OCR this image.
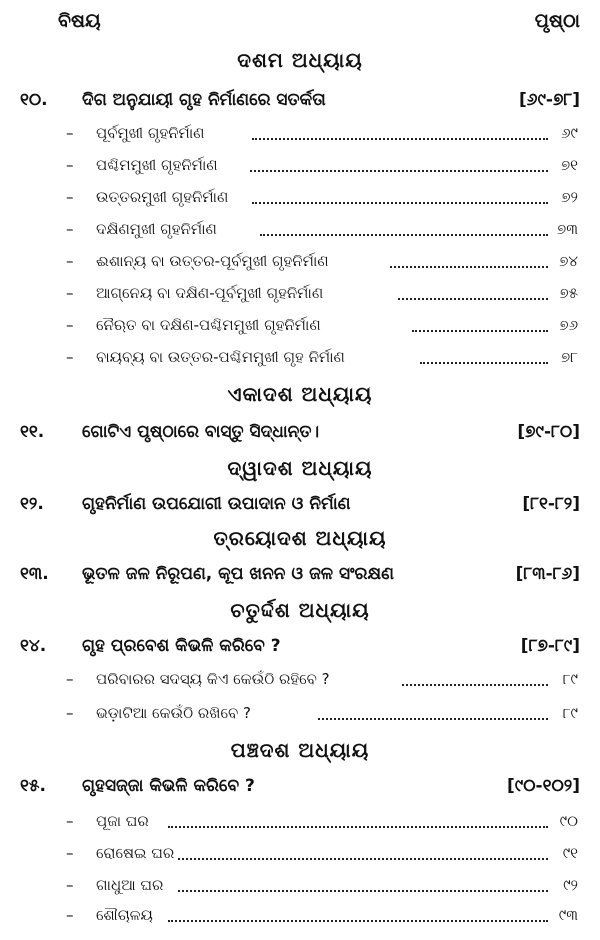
ବିଷୟ	ପୃଷ୍ଠା
ଦଶମ ଅଧ୍ୟାୟ
୧୦. ଦିଗ ଅନୁଯାୟୀ ଗୃହ ନିର୍ମାଣରେ ସତର୍କତା	[୬୯-୭୮]
– ପୂର୍ବମୁଖୀ ଗୃହନିର୍ମାଣ	୬୯
– ପଶ୍ଚିମମୁଖୀ ଗୃହନିର୍ମାଣ	୭୧
– ଉତ୍ତରମୁଖୀ ଗୃହନିର୍ମାଣ	୭୨
– ଦକ୍ଷିଣମୁଖୀ ଗୃହନିର୍ମାଣ	୭୩
– ଈଶାନ୍ୟ ବା ଉତ୍ତର-ପୂର୍ବମୁଖୀ ଗୃହନିର୍ମାଣ	୭୪
– ଆଗ୍ନେୟ ବା ଦକ୍ଷିଣ-ପୂର୍ବମୁଖୀ ଗୃହନିର୍ମାଣ	୭୫
– ନୈଋତ ବା ଦକ୍ଷିଣ-ପଶ୍ଚିମମୁଖୀ ଗୃହନିର୍ମାଣ	୭୬
– ବାୟବ୍ୟ ବା ଉତ୍ତର-ପଶ୍ଚିମମୁଖୀ ଗୃହ ନିର୍ମାଣ	୭୮
ଏକାଦଶ ଅଧ୍ୟାୟ
୧୧. ଗୋଟିଏ ପୃଷ୍ଠାରେ ବାସ୍ତୁ ସିଦ୍ଧାନ୍ତ।	[୭୯-୮୦]
ଦ୍ୱାଦଶ ଅଧ୍ୟାୟ
୧୨. ଗୃହନିର୍ମାଣ ଉପଯୋଗୀ ଉପାଦାନ ଓ ନିର୍ମାଣ	[୮୧-୮୨]
ତ୍ରୟୋଦଶ ଅଧ୍ୟାୟ
୧୩. ଭୂତଳ ଜଳ ନିରୂପଣ, କୂପ ଖନନ ଓ ଜଳ ସଂରକ୍ଷଣ	[୮୩-୮୬]
ଚତୁର୍ଦ୍ଦଶ ଅଧ୍ୟାୟ
୧୪. ଗୃହ ପ୍ରବେଶ କିଭଳି କରିବେ ?	[୮୭-୮୯]
– ପରିବାରର ସଦସ୍ୟ କିଏ କେଉଁଠି ରହିବେ ?	୮୯
– ଭଡ଼ାଟିଆ କେଉଁଠି ରଖିବେ ?	୮୯
ପଞ୍ଚଦଶ ଅଧ୍ୟାୟ
୧୫. ଗୃହସଜ୍ଜା କିଭଳି କରିବେ ?	[୯୦-୧୦୨]
– ପୂଜା ଘର	୯୦
– ରୋଷେଇ ଘର	୯୧
– ଗାଧୁଆ ଘର	୯୨
– ଶୌଚାଳୟ	୯୩
